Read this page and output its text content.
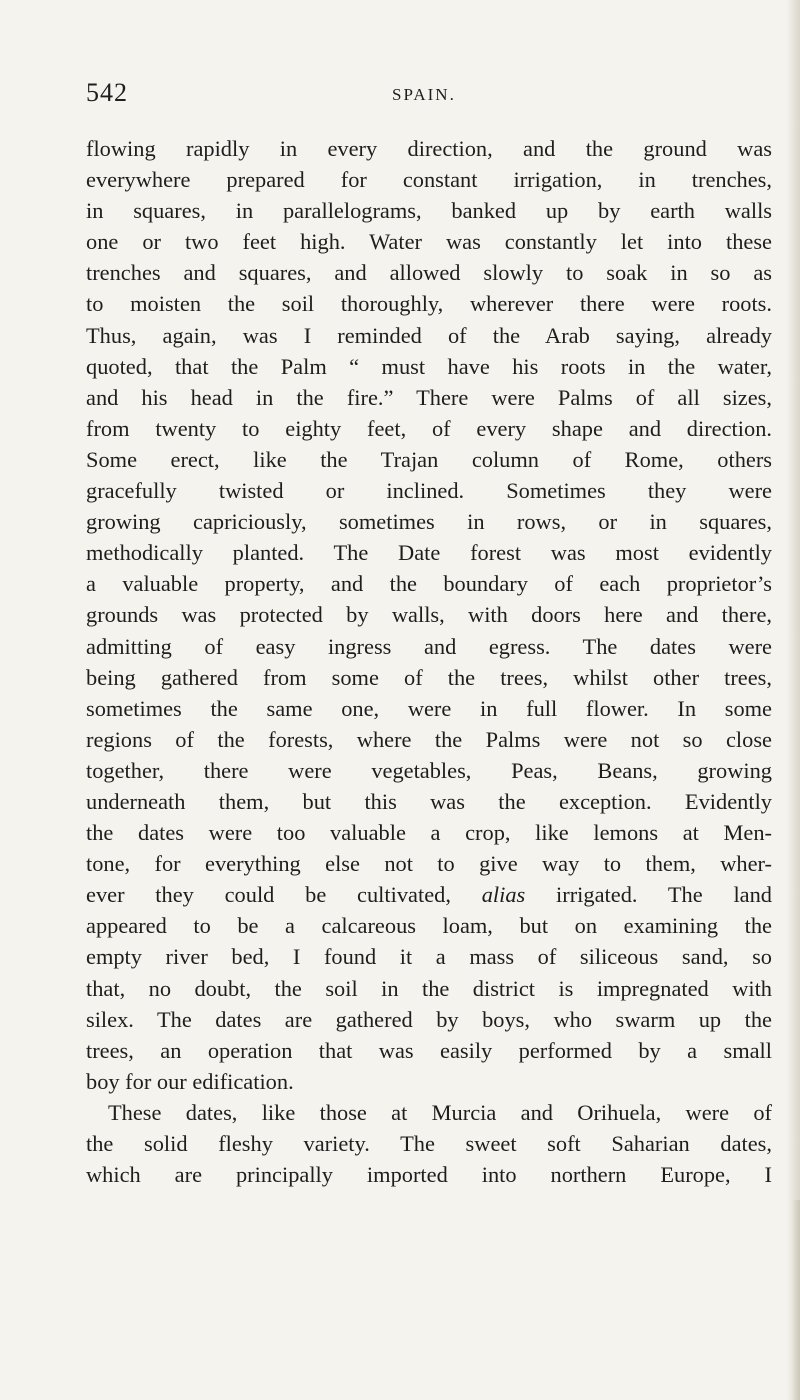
542	SPAIN.
flowing rapidly in every direction, and the ground was
everywhere prepared for constant irrigation, in trenches,
in squares, in parallelograms, banked up by earth walls
one or two feet high. Water was constantly let into these
trenches and squares, and allowed slowly to soak in so as
to moisten the soil thoroughly, wherever there were roots.
Thus, again, was I reminded of the Arab saying, already
quoted, that the Palm “ must have his roots in the water,
and his head in the fire.” There were Palms of all sizes,
from twenty to eighty feet, of every shape and direction.
Some erect, like the Trajan column of Rome, others
gracefully twisted or inclined. Sometimes they were
growing capriciously, sometimes in rows, or in squares,
methodically planted. The Date forest was most evidently
a valuable property, and the boundary of each proprietor’s
grounds was protected by walls, with doors here and there,
admitting of easy ingress and egress. The dates were
being gathered from some of the trees, whilst other trees,
sometimes the same one, were in full flower. In some
regions of the forests, where the Palms were not so close
together, there were vegetables, Peas, Beans, growing
underneath them, but this was the exception. Evidently
the dates were too valuable a crop, like lemons at Men-
tone, for everything else not to give way to them, wher-
ever they could be cultivated, alias irrigated. The land
appeared to be a calcareous loam, but on examining the
empty river bed, I found it a mass of siliceous sand, so
that, no doubt, the soil in the district is impregnated with
silex. The dates are gathered by boys, who swarm up the
trees, an operation that was easily performed by a small
boy for our edification.
These dates, like those at Murcia and Orihuela, were of
the solid fleshy variety. The sweet soft Saharian dates,
which are principally imported into northern Europe, I
